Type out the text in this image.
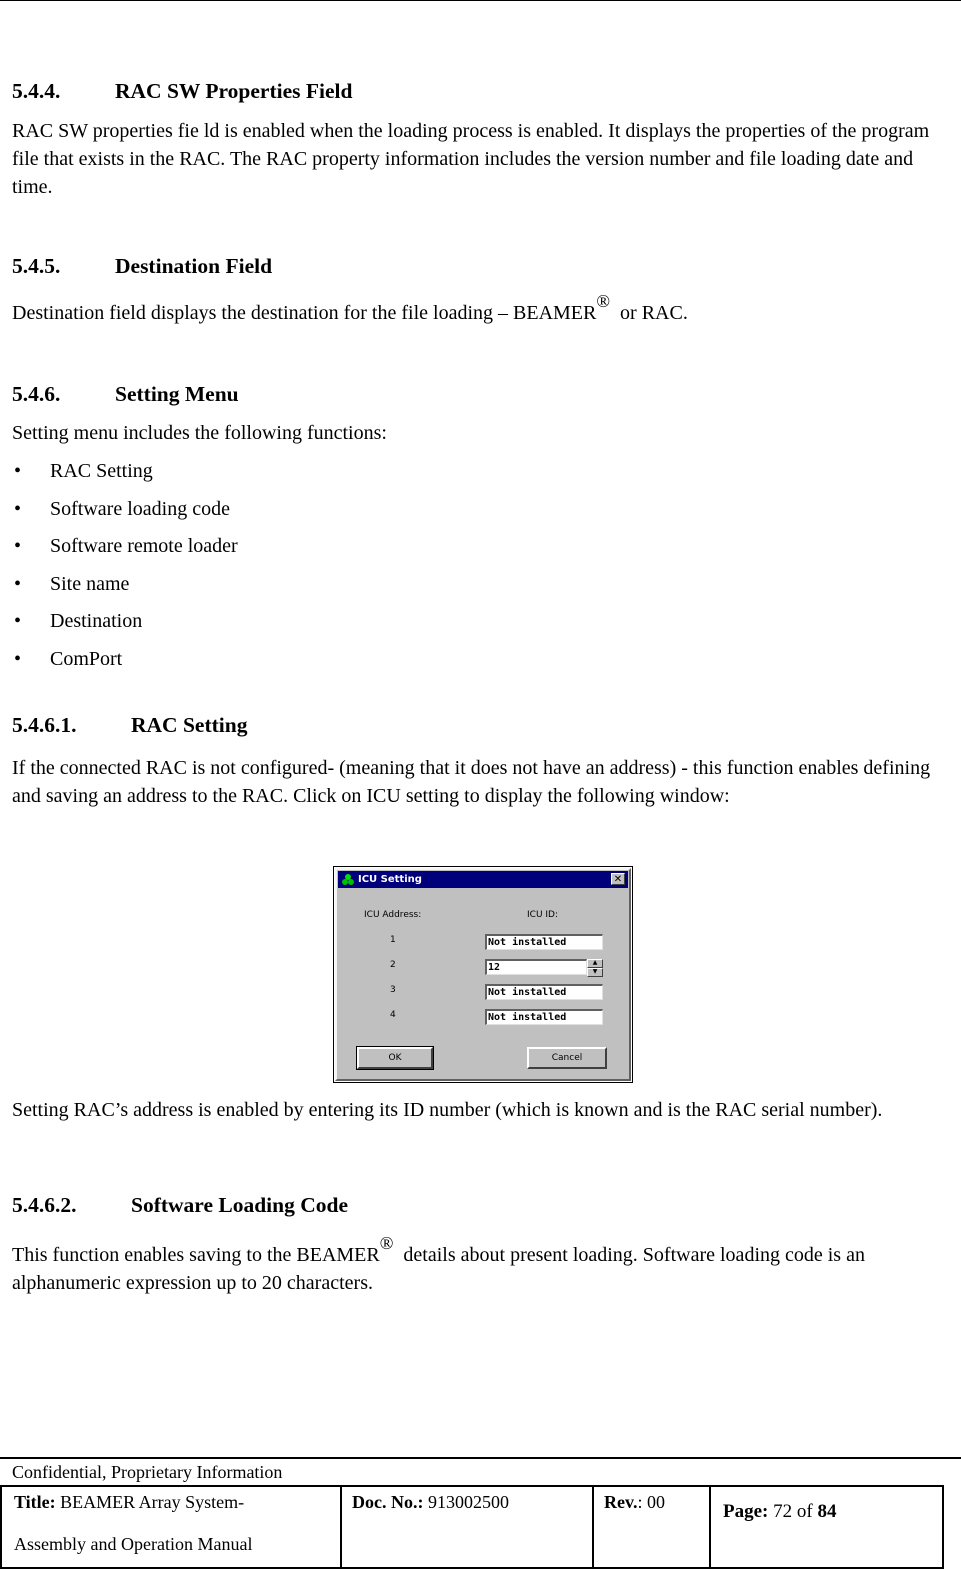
5.4.4.	RAC SW Properties Field
RAC SW properties fie ld is enabled when the loading process is enabled. It displays the properties of the program file that exists in the RAC. The RAC property information includes the version number and file loading date and time.
5.4.5.	Destination Field
Destination field displays the destination for the file loading – BEAMER®  or RAC.
5.4.6.	Setting Menu
Setting menu includes the following functions:
• RAC Setting
• Software loading code
• Software remote loader
• Site name
• Destination
• ComPort
5.4.6.1.	RAC Setting
If the connected RAC is not configured- (meaning that it does not have an address) - this function enables defining and saving an address to the RAC. Click on ICU setting to display the following window:
Setting RAC’s address is enabled by entering its ID number (which is known and is the RAC serial number).
5.4.6.2.	Software Loading Code
This function enables saving to the BEAMER®  details about present loading. Software loading code is an alphanumeric expression up to 20 characters.
ICU Setting	✕
ICU Address:	ICU ID:
1	Not installed
2	12	▲
▼
3	Not installed
4	Not installed
OK	Cancel
Confidential, Proprietary Information
Title: BEAMER Array System-
Assembly and Operation Manual
Doc. No.: 913002500	Rev.: 00	Page: 72 of 84
